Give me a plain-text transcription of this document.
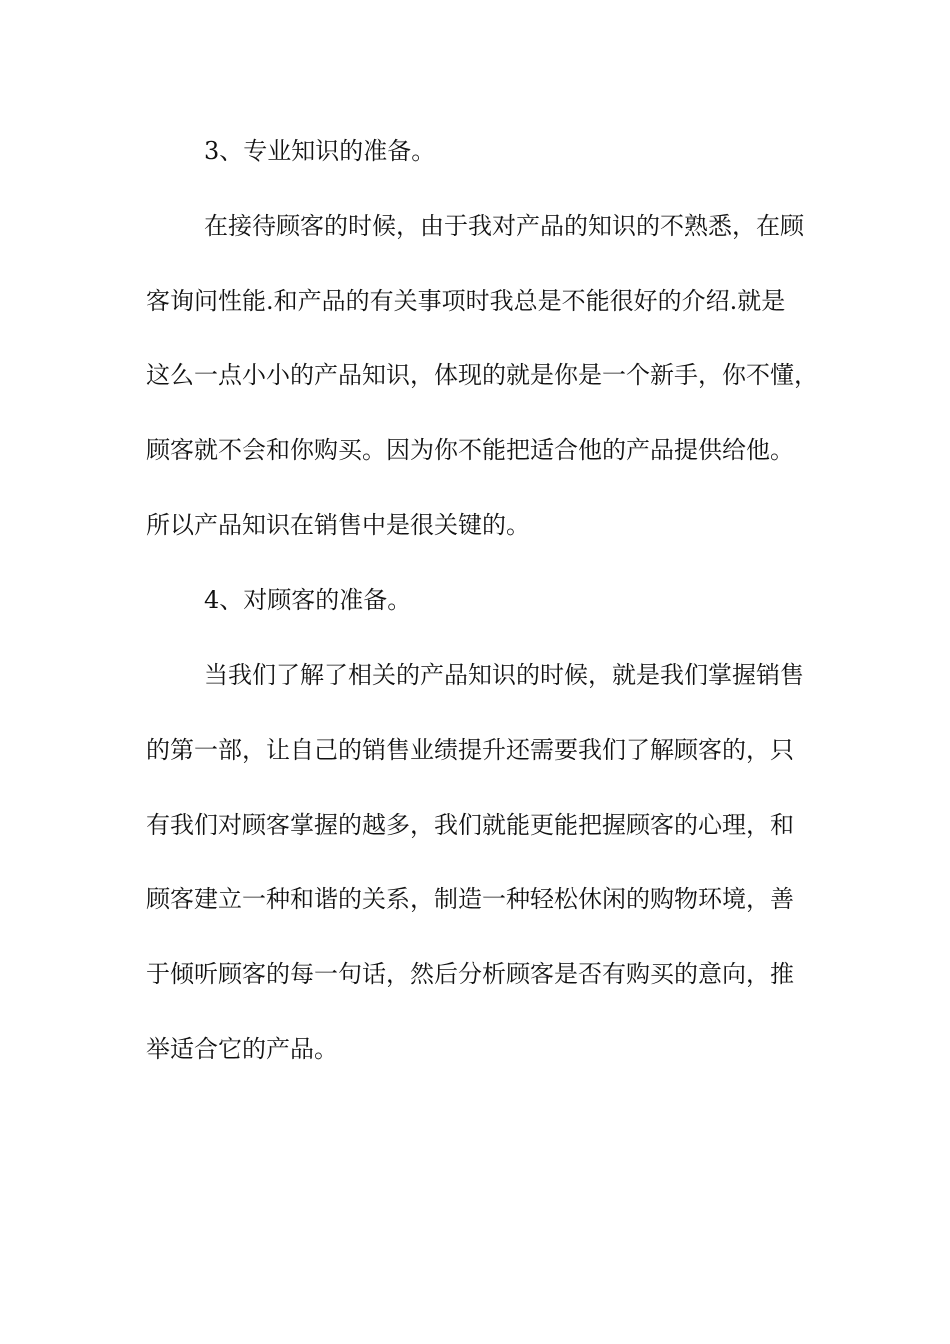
3、专业知识的准备。
在接待顾客的时候，由于我对产品的知识的不熟悉，在顾
客询问性能.和产品的有关事项时我总是不能很好的介绍.就是
这么一点小小的产品知识，体现的就是你是一个新手，你不懂，
顾客就不会和你购买。因为你不能把适合他的产品提供给他。
所以产品知识在销售中是很关键的。
4、对顾客的准备。
当我们了解了相关的产品知识的时候，就是我们掌握销售
的第一部，让自己的销售业绩提升还需要我们了解顾客的，只
有我们对顾客掌握的越多，我们就能更能把握顾客的心理，和
顾客建立一种和谐的关系，制造一种轻松休闲的购物环境，善
于倾听顾客的每一句话，然后分析顾客是否有购买的意向，推
举适合它的产品。
